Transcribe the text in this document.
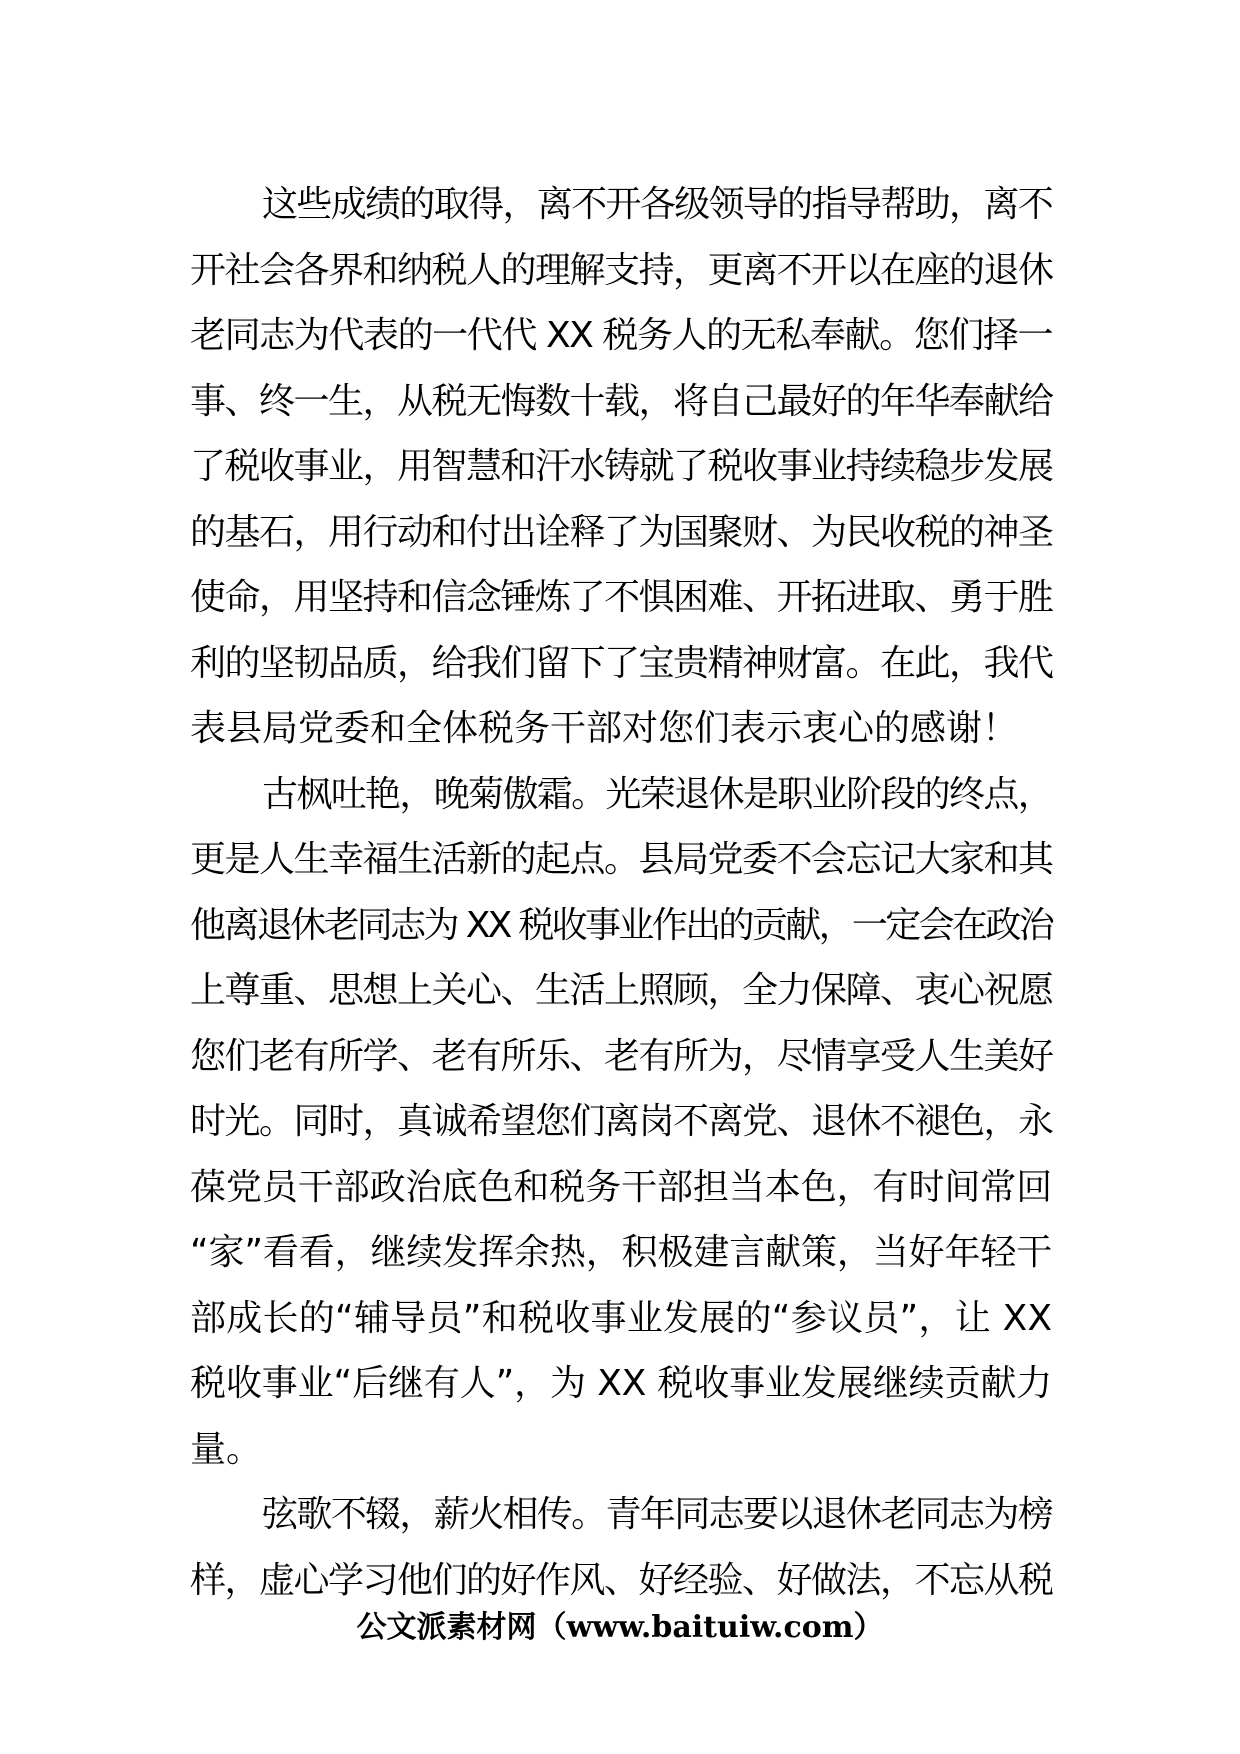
这些成绩的取得，离不开各级领导的指导帮助，离不
开社会各界和纳税人的理解支持，更离不开以在座的退休
老同志为代表的一代代 XX 税务人的无私奉献。您们择一
事、终一生，从税无悔数十载，将自己最好的年华奉献给
了税收事业，用智慧和汗水铸就了税收事业持续稳步发展
的基石，用行动和付出诠释了为国聚财、为民收税的神圣
使命，用坚持和信念锤炼了不惧困难、开拓进取、勇于胜
利的坚韧品质，给我们留下了宝贵精神财富。在此，我代
表县局党委和全体税务干部对您们表示衷心的感谢！
古枫吐艳，晚菊傲霜。光荣退休是职业阶段的终点，
更是人生幸福生活新的起点。县局党委不会忘记大家和其
他离退休老同志为 XX 税收事业作出的贡献，一定会在政治
上尊重、思想上关心、生活上照顾，全力保障、衷心祝愿
您们老有所学、老有所乐、老有所为，尽情享受人生美好
时光。同时，真诚希望您们离岗不离党、退休不褪色，永
葆党员干部政治底色和税务干部担当本色，有时间常回
“家”看看，继续发挥余热，积极建言献策，当好年轻干
部成长的“辅导员”和税收事业发展的“参议员”，让 XX
税收事业“后继有人”，为 XX 税收事业发展继续贡献力
量。
弦歌不辍，薪火相传。青年同志要以退休老同志为榜
样，虚心学习他们的好作风、好经验、好做法，不忘从税
公文派素材网（www.baituiw.com）
